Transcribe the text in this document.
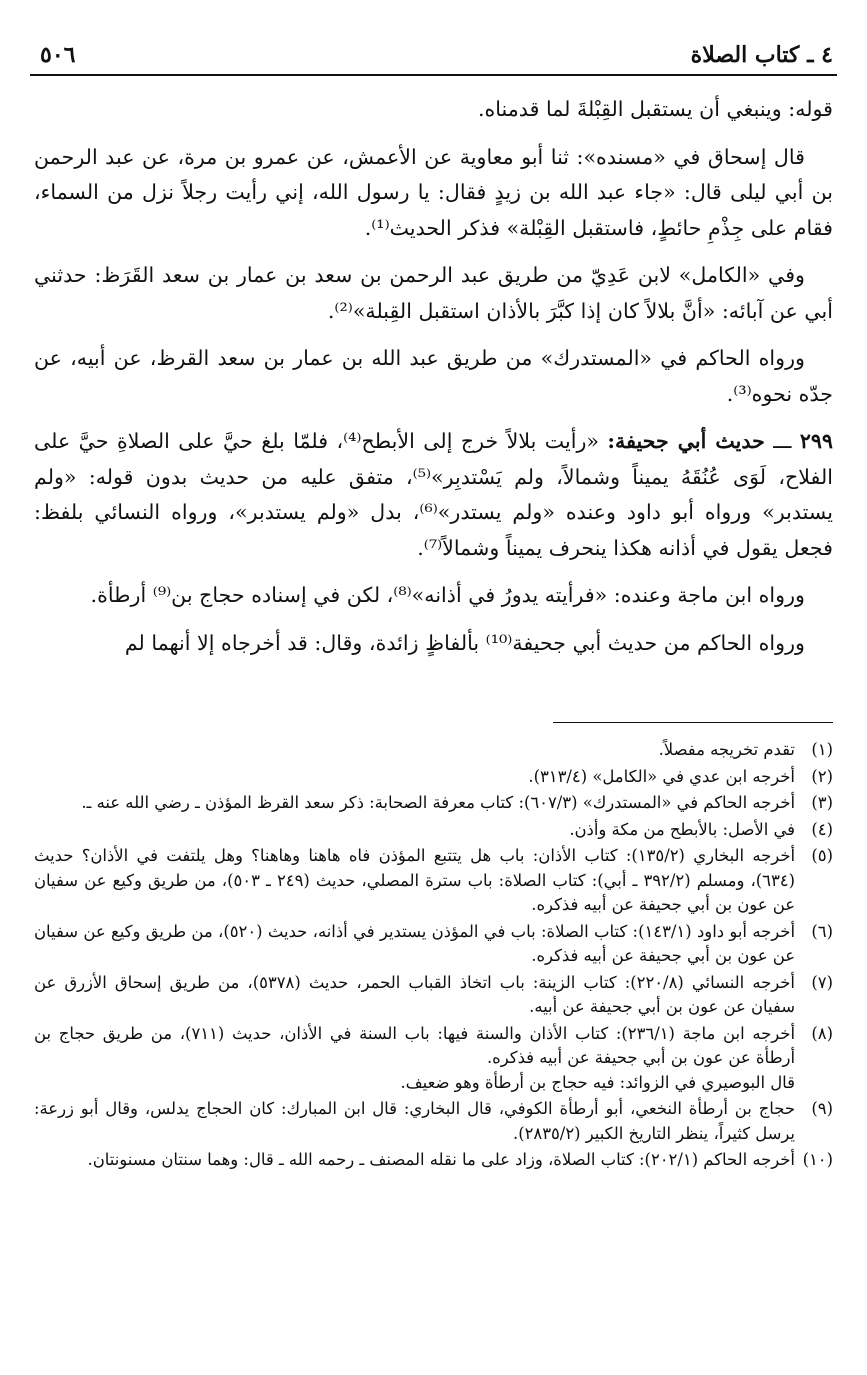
٥٠٦	٤ ـ كتاب الصلاة

قوله: وينبغي أن يستقبل القِبْلةَ لما قدمناه.

قال إسحاق في «مسنده»: ثنا أبو معاوية عن الأعمش، عن عمرو بن مرة، عن عبد الرحمن بن أبي ليلى قال: «جاء عبد الله بن زيدٍ فقال: يا رسول الله، إني رأيت رجلاً نزل من السماء، فقام على جِذْمِ حائطٍ، فاستقبل القِبْلة» فذكر الحديث⁽¹⁾.

وفي «الكامل» لابن عَدِيّ من طريق عبد الرحمن بن سعد بن عمار بن سعد القَرَظ: حدثني أبي عن آبائه: «أنَّ بلالاً كان إذا كبَّرَ بالأذان استقبل القِبلة»⁽²⁾.

ورواه الحاكم في «المستدرك» من طريق عبد الله بن عمار بن سعد القرظ، عن أبيه، عن جدّه نحوه⁽³⁾.

٢٩٩ ـــ حديث أبي جحيفة: «رأيت بلالاً خرج إلى الأبطح⁽⁴⁾، فلمّا بلغ حيَّ على الصلاةِ حيَّ على الفلاح، لَوَى عُنُقَهُ يميناً وشمالاً، ولم يَسْتدبِر»⁽⁵⁾، متفق عليه من حديث بدون قوله: «ولم يستدبر» ورواه أبو داود وعنده «ولم يستدر»⁽⁶⁾، بدل «ولم يستدبر»، ورواه النسائي بلفظ: فجعل يقول في أذانه هكذا ينحرف يميناً وشمالاً⁽⁷⁾.

ورواه ابن ماجة وعنده: «فرأيته يدورُ في أذانه»⁽⁸⁾، لكن في إسناده حجاج بن⁽⁹⁾ أرطأة.

ورواه الحاكم من حديث أبي جحيفة⁽¹⁰⁾ بألفاظٍ زائدة، وقال: قد أخرجاه إلا أنهما لم

(١)
تقدم تخريجه مفصلاً.
(٢)
أخرجه ابن عدي في «الكامل» (٣١٣/٤).
(٣)
أخرجه الحاكم في «المستدرك» (٦٠٧/٣): كتاب معرفة الصحابة: ذكر سعد القرظ المؤذن ـ رضي الله عنه ـ.
(٤)
في الأصل: بالأبطح من مكة وأذن.
(٥)
أخرجه البخاري (١٣٥/٢): كتاب الأذان: باب هل يتتبع المؤذن فاه هاهنا وهاهنا؟ وهل يلتفت في الأذان؟ حديث (٦٣٤)، ومسلم (٣٩٢/٢ ـ أبي): كتاب الصلاة: باب سترة المصلي، حديث (٢٤٩ ـ ٥٠٣)، من طريق وكيع عن سفيان عن عون بن أبي جحيفة عن أبيه فذكره.
(٦)
أخرجه أبو داود (١٤٣/١): كتاب الصلاة: باب في المؤذن يستدير في أذانه، حديث (٥٢٠)، من طريق وكيع عن سفيان عن عون بن أبي جحيفة عن أبيه فذكره.
(٧)
أخرجه النسائي (٢٢٠/٨): كتاب الزينة: باب اتخاذ القباب الحمر، حديث (٥٣٧٨)، من طريق إسحاق الأزرق عن سفيان عن عون بن أبي جحيفة عن أبيه.
(٨)
أخرجه ابن ماجة (٢٣٦/١): كتاب الأذان والسنة فيها: باب السنة في الأذان، حديث (٧١١)، من طريق حجاج بن أرطأة عن عون بن أبي جحيفة عن أبيه فذكره.
قال البوصيري في الزوائد: فيه حجاج بن أرطأة وهو ضعيف.
(٩)
حجاج بن أرطأة النخعي، أبو أرطأة الكوفي، قال البخاري: قال ابن المبارك: كان الحجاج يدلس، وقال أبو زرعة: يرسل كثيراً، ينظر التاريخ الكبير (٢٨٣٥/٢).
(١٠)
أخرجه الحاكم (٢٠٢/١): كتاب الصلاة، وزاد على ما نقله المصنف ـ رحمه الله ـ قال: وهما سنتان مسنونتان.
